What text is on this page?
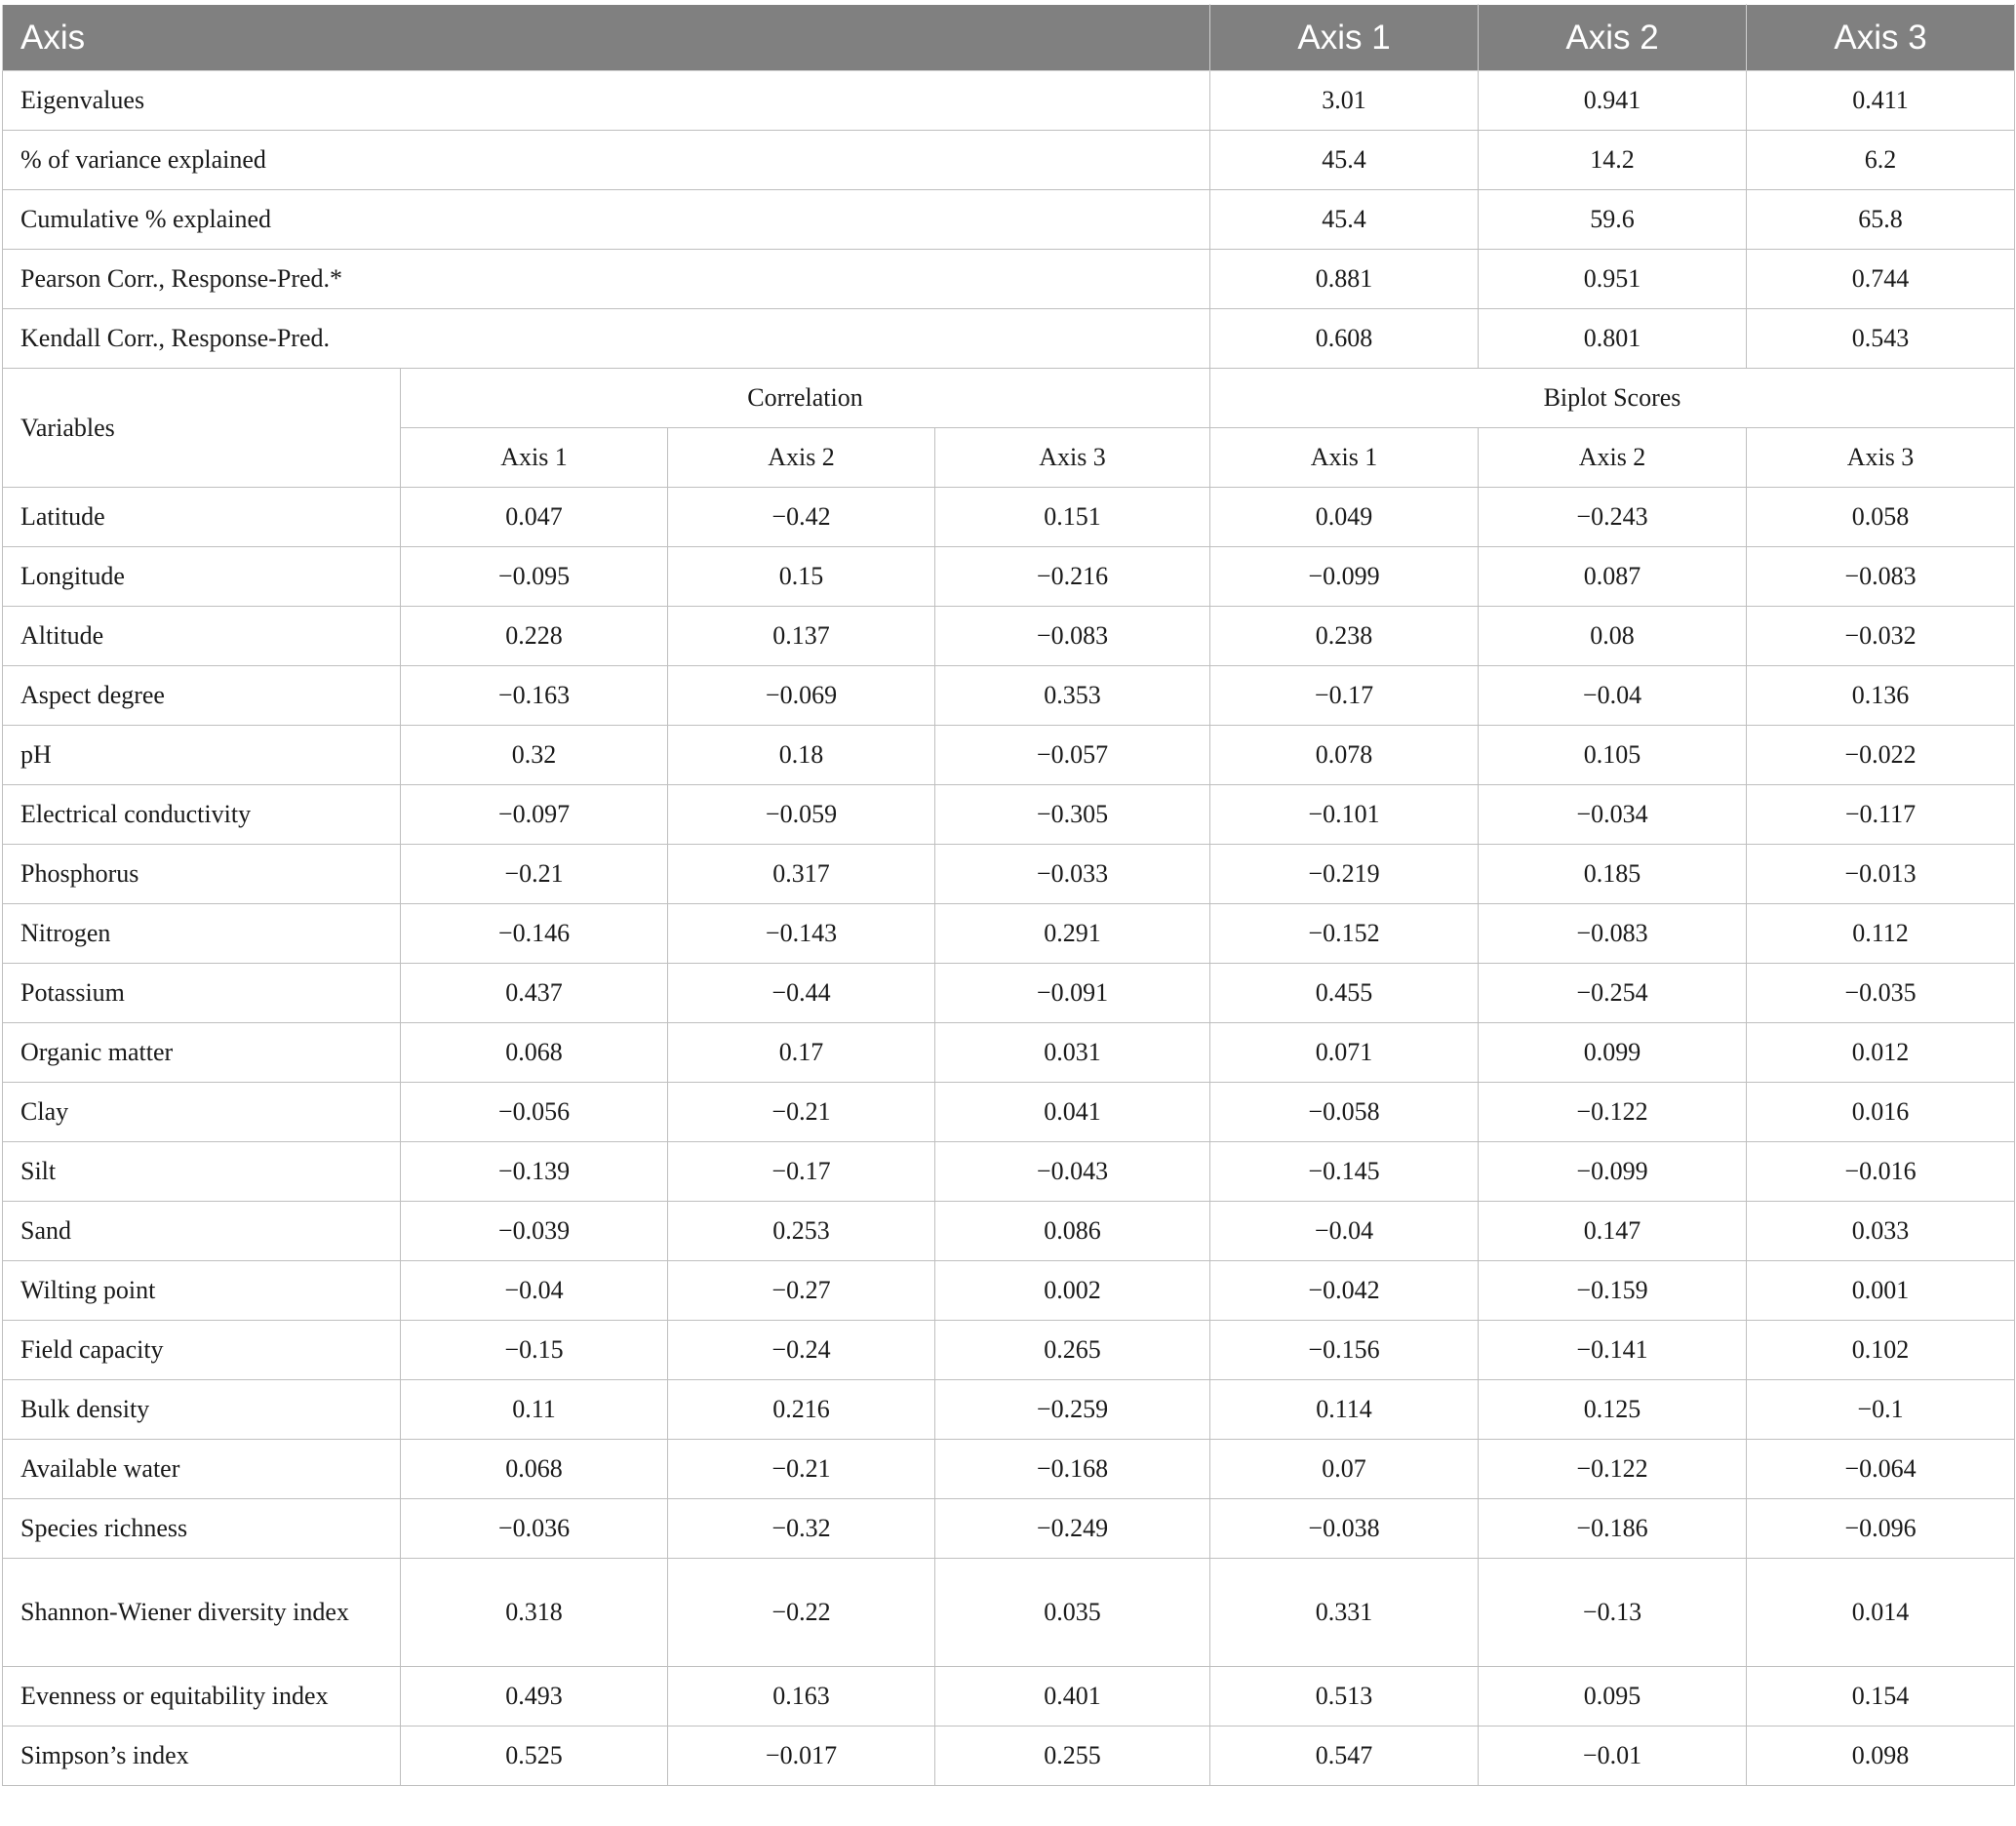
Axis				Axis 1	Axis 2	Axis 3
Eigenvalues				3.01	0.941	0.411
% of variance explained				45.4	14.2	6.2
Cumulative % explained				45.4	59.6	65.8
Pearson Corr., Response-Pred.*				0.881	0.951	0.744
Kendall Corr., Response-Pred.				0.608	0.801	0.543
Variables	Correlation			Biplot Scores		
	Axis 1	Axis 2	Axis 3	Axis 1	Axis 2	Axis 3
Latitude	0.047	−0.42	0.151	0.049	−0.243	0.058
Longitude	−0.095	0.15	−0.216	−0.099	0.087	−0.083
Altitude	0.228	0.137	−0.083	0.238	0.08	−0.032
Aspect degree	−0.163	−0.069	0.353	−0.17	−0.04	0.136
pH	0.32	0.18	−0.057	0.078	0.105	−0.022
Electrical conductivity	−0.097	−0.059	−0.305	−0.101	−0.034	−0.117
Phosphorus	−0.21	0.317	−0.033	−0.219	0.185	−0.013
Nitrogen	−0.146	−0.143	0.291	−0.152	−0.083	0.112
Potassium	0.437	−0.44	−0.091	0.455	−0.254	−0.035
Organic matter	0.068	0.17	0.031	0.071	0.099	0.012
Clay	−0.056	−0.21	0.041	−0.058	−0.122	0.016
Silt	−0.139	−0.17	−0.043	−0.145	−0.099	−0.016
Sand	−0.039	0.253	0.086	−0.04	0.147	0.033
Wilting point	−0.04	−0.27	0.002	−0.042	−0.159	0.001
Field capacity	−0.15	−0.24	0.265	−0.156	−0.141	0.102
Bulk density	0.11	0.216	−0.259	0.114	0.125	−0.1
Available water	0.068	−0.21	−0.168	0.07	−0.122	−0.064
Species richness	−0.036	−0.32	−0.249	−0.038	−0.186	−0.096
Shannon-Wiener diversity index	0.318	−0.22	0.035	0.331	−0.13	0.014
Evenness or equitability index	0.493	0.163	0.401	0.513	0.095	0.154
Simpson’s index	0.525	−0.017	0.255	0.547	−0.01	0.098
